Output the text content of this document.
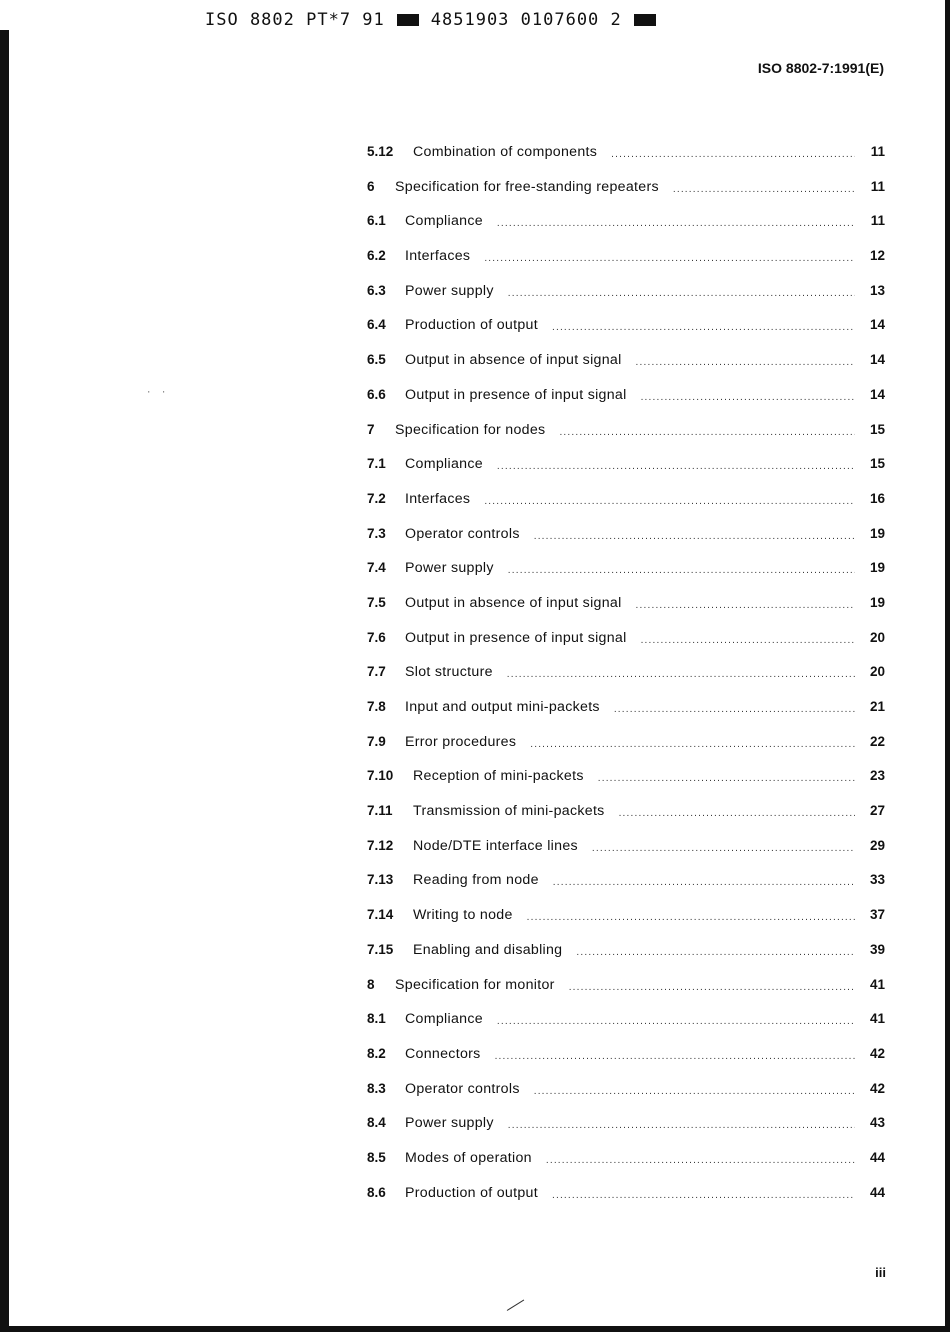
· ·
ISO 8802 PT*7 91	4851903 0107600 2
ISO 8802-7:1991(E)
5.12	Combination of components .....	11
6	Specification for free-standing repeaters .....	11
6.1	Compliance .....	11
6.2	Interfaces .....	12
6.3	Power supply .....	13
6.4	Production of output .....	14
6.5	Output in absence of input signal .....	14
6.6	Output in presence of input signal .....	14
7	Specification for nodes .....	15
7.1	Compliance .....	15
7.2	Interfaces .....	16
7.3	Operator controls .....	19
7.4	Power supply .....	19
7.5	Output in absence of input signal .....	19
7.6	Output in presence of input signal .....	20
7.7	Slot structure .....	20
7.8	Input and output mini-packets .....	21
7.9	Error procedures .....	22
7.10	Reception of mini-packets .....	23
7.11	Transmission of mini-packets .....	27
7.12	Node/DTE interface lines .....	29
7.13	Reading from node .....	33
7.14	Writing to node .....	37
7.15	Enabling and disabling .....	39
8	Specification for monitor .....	41
8.1	Compliance .....	41
8.2	Connectors .....	42
8.3	Operator controls .....	42
8.4	Power supply .....	43
8.5	Modes of operation .....	44
8.6	Production of output .....	44
iii
